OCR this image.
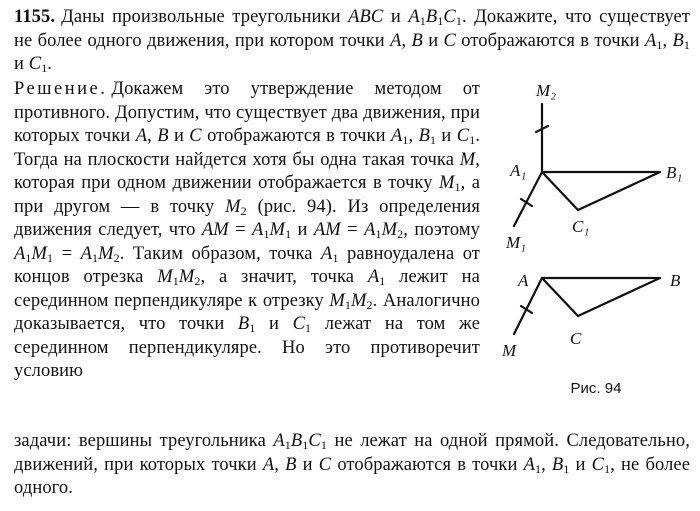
1155. Даны произвольные треугольники ABC и $A_1B_1C_1$. Докажите, что существует не более одного движения, при котором точки A, B и C отображаются в точки $A_1$, $B_1$ и $C_1$.

Решение. Докажем это утверждение методом от противного. Допустим, что существует два движения, при которых точки A, B и C отображаются в точки $A_1$, $B_1$ и $C_1$. Тогда на плоскости найдется хотя бы одна такая точка M, которая при одном движении отображается в точку $M_1$, а при другом — в точку $M_2$ (рис. 94). Из определения движения следует, что AM = $A_1M_1$ и AM = $A_1M_2$, поэтому $A_1M_1 = A_1M_2$. Таким образом, точка $A_1$ равноудалена от концов отрезка $M_1M_2$, а значит, точка $A_1$ лежит на серединном перпендикуляре к отрезку $M_1M_2$. Аналогично доказывается, что точки $B_1$ и $C_1$ лежат на том же серединном перпендикуляре. Но это противоречит условию

задачи: вершины треугольника $A_1B_1C_1$ не лежат на одной прямой. Следовательно, движений, при которых точки A, B и C отображаются в точки $A_1$, $B_1$ и $C_1$, не более одного.

M₂
A₁	B₁
M₁
C₁
A	B
M
C
Рис. 94
